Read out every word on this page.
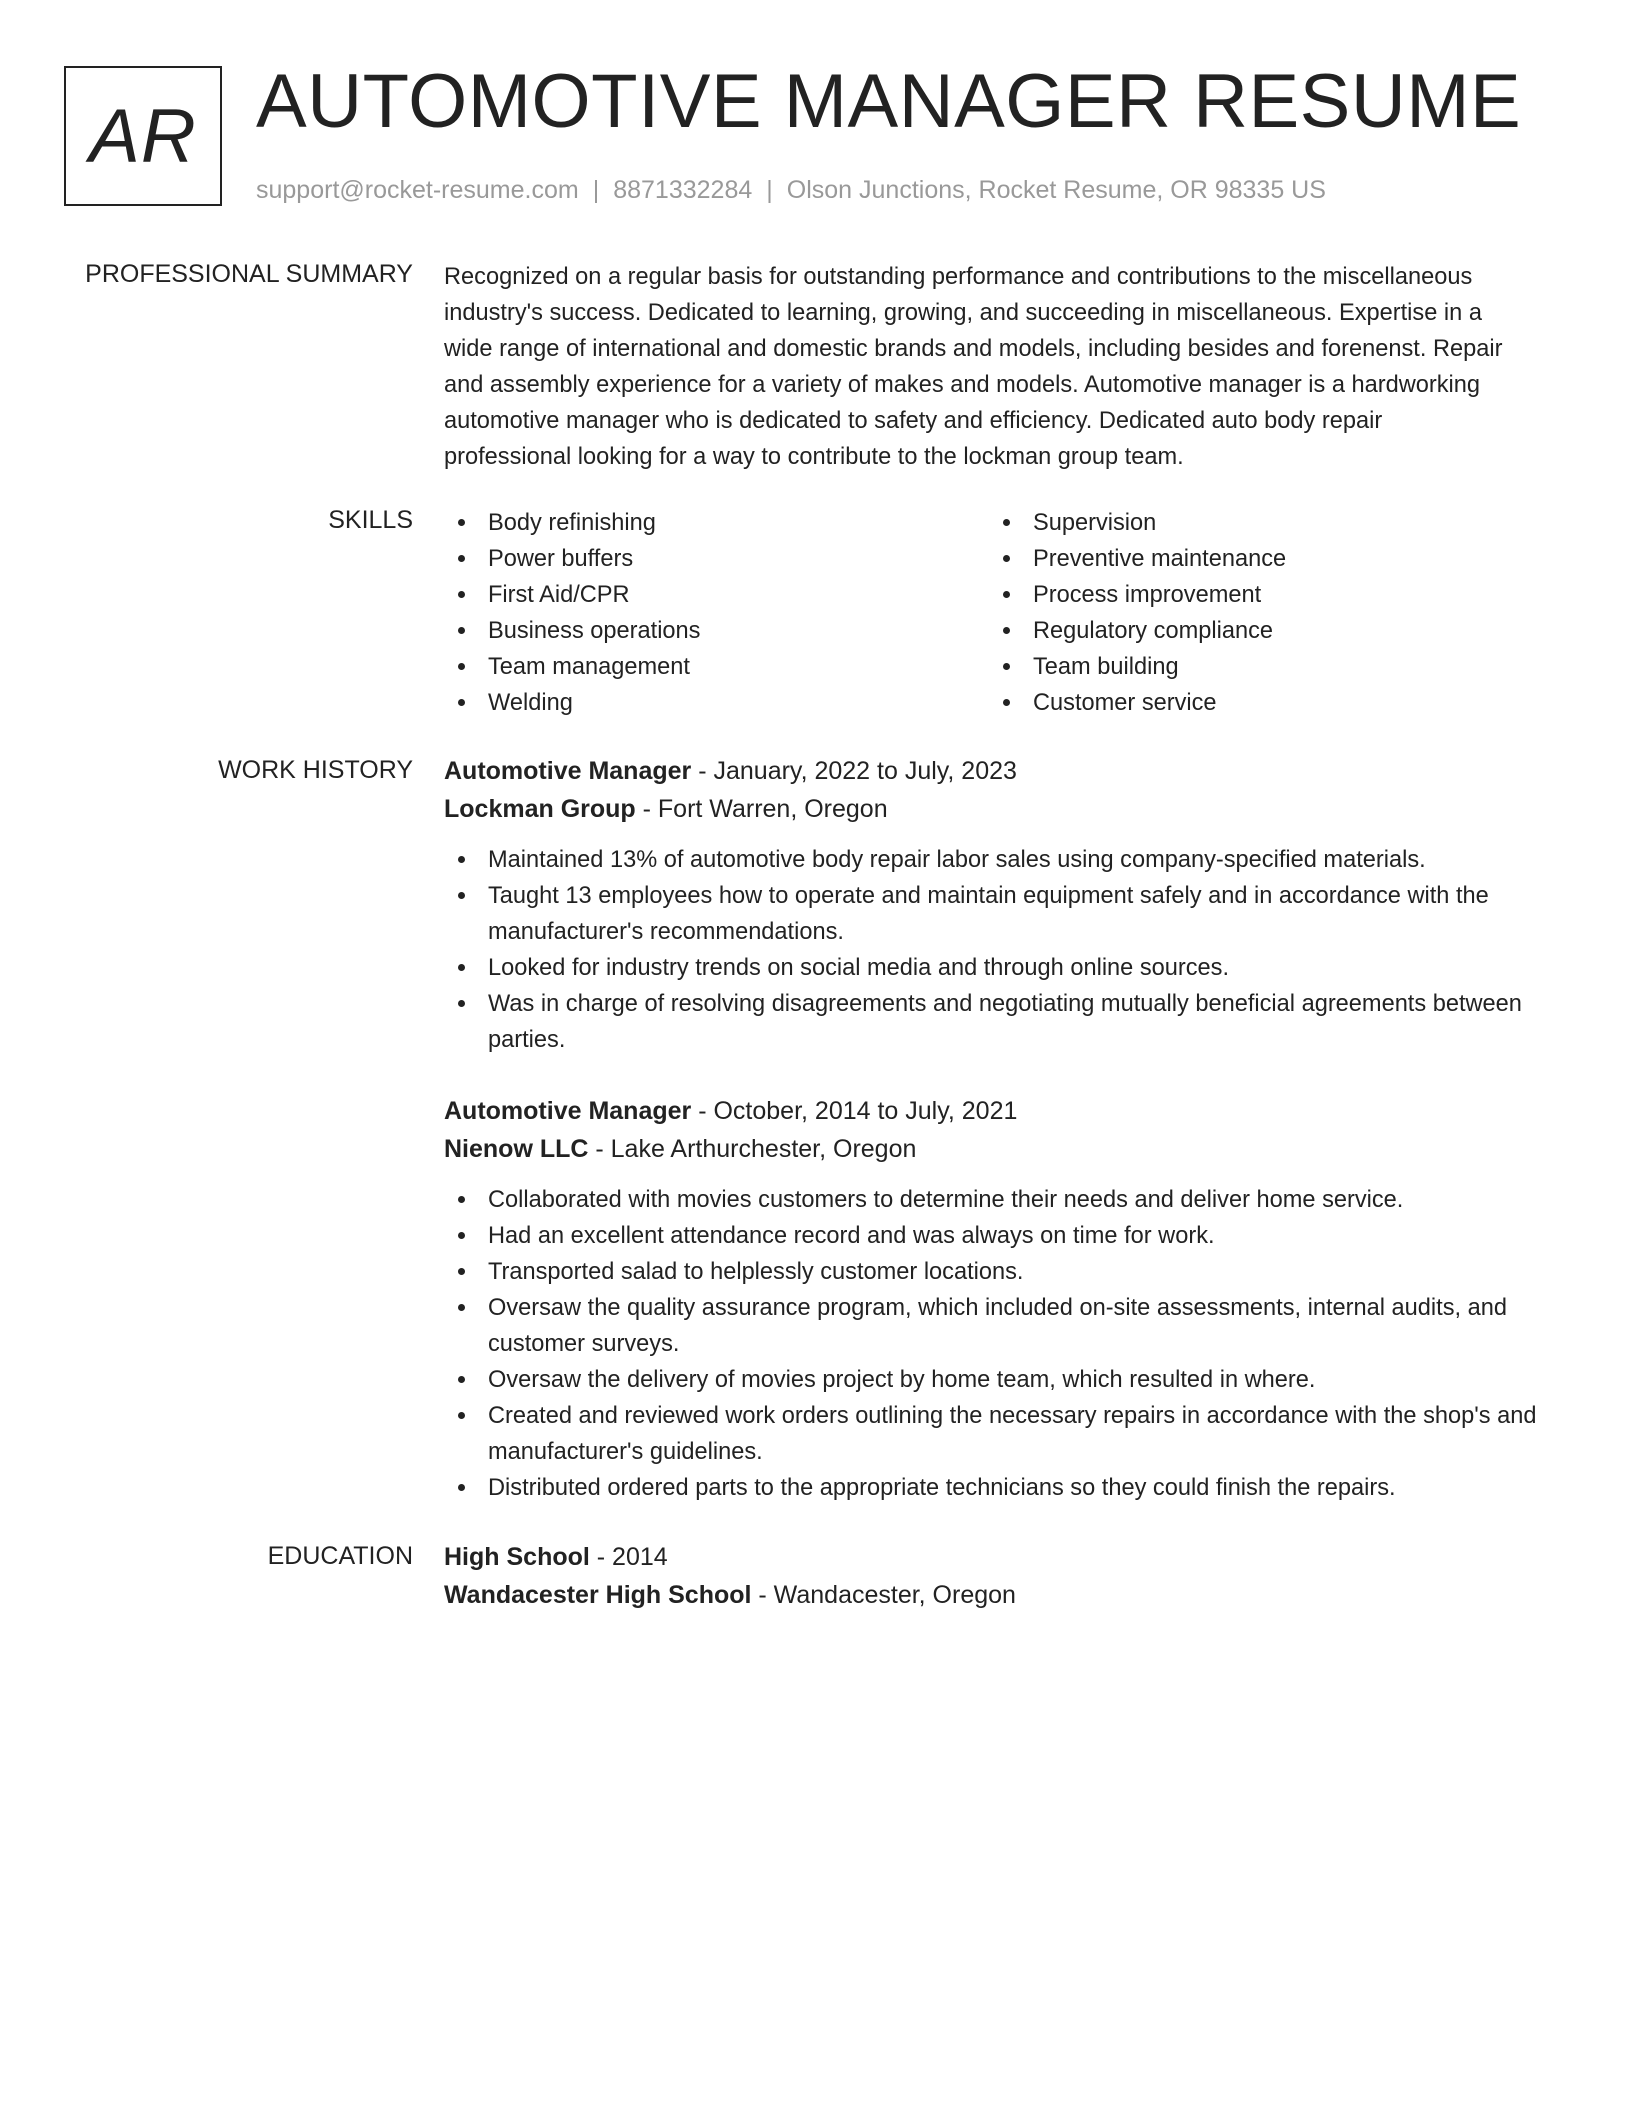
AR AUTOMOTIVE MANAGER RESUME
support@rocket-resume.com | 8871332284 | Olson Junctions, Rocket Resume, OR 98335 US
PROFESSIONAL SUMMARY Recognized on a regular basis for outstanding performance and contributions to the miscellaneous
industry's success. Dedicated to learning, growing, and succeeding in miscellaneous. Expertise in a
wide range of international and domestic brands and models, including besides and forenenst. Repair
and assembly experience for a variety of makes and models. Automotive manager is a hardworking
automotive manager who is dedicated to safety and efficiency. Dedicated auto body repair
professional looking for a way to contribute to the lockman group team.

SKILLS	Body refinishing
Power buffers
First Aid/CPR
Business operations
Team management
Welding
Supervision
Preventive maintenance
Process improvement
Regulatory compliance
Team building
Customer service
WORK HISTORY Automotive Manager - January, 2022 to July, 2023
Lockman Group - Fort Warren, Oregon
Maintained 13% of automotive body repair labor sales using company-specified materials.
Taught 13 employees how to operate and maintain equipment safely and in accordance with the manufacturer's recommendations.
Looked for industry trends on social media and through online sources.
Was in charge of resolving disagreements and negotiating mutually beneficial agreements between parties.
Automotive Manager - October, 2014 to July, 2021
Nienow LLC - Lake Arthurchester, Oregon
Collaborated with movies customers to determine their needs and deliver home service.
Had an excellent attendance record and was always on time for work.
Transported salad to helplessly customer locations.
Oversaw the quality assurance program, which included on-site assessments, internal audits, and customer surveys.
Oversaw the delivery of movies project by home team, which resulted in where.
Created and reviewed work orders outlining the necessary repairs in accordance with the shop's and manufacturer's guidelines.
Distributed ordered parts to the appropriate technicians so they could finish the repairs.
EDUCATION High School - 2014
Wandacester High School - Wandacester, Oregon
